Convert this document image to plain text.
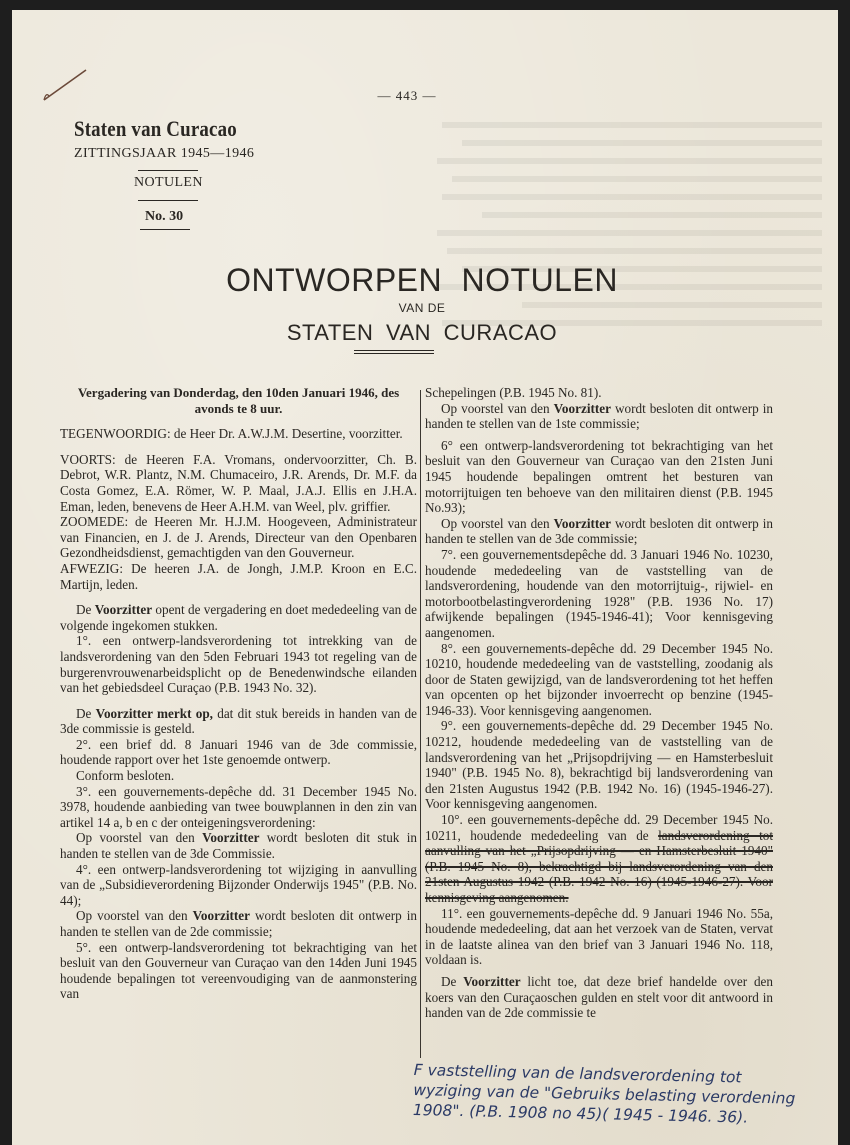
— 443 —
Staten van Curacao
ZITTINGSJAAR 1945—1946
NOTULEN
No. 30
ONTWORPEN NOTULEN
VAN DE
STATEN VAN CURACAO

Vergadering van Donderdag, den 10den Januari 1946, des avonds te 8 uur.

TEGENWOORDIG: de Heer Dr. A.W.J.M. Desertine, voorzitter.

VOORTS: de Heeren F.A. Vromans, ondervoorzitter, Ch. B. Debrot, W.R. Plantz, N.M. Chumaceiro, J.R. Arends, Dr. M.F. da Costa Gomez, E.A. Römer, W. P. Maal, J.A.J. Ellis en J.H.A. Eman, leden, benevens de Heer A.H.M. van Weel, plv. griffier.

ZOOMEDE: de Heeren Mr. H.J.M. Hoogeveen, Administrateur van Financien, en J. de J. Arends, Directeur van den Openbaren Gezondheidsdienst, gemachtigden van den Gouverneur.

AFWEZIG: De heeren J.A. de Jongh, J.M.P. Kroon en E.C. Martijn, leden.

De Voorzitter opent de vergadering en doet mededeeling van de volgende ingekomen stukken.

1°. een ontwerp-landsverordening tot intrekking van de landsverordening van den 5den Februari 1943 tot regeling van de burgerenvrouwenarbeidsplicht op de Benedenwindsche eilanden van het gebiedsdeel Curaçao (P.B. 1943 No. 32).

De Voorzitter merkt op, dat dit stuk bereids in handen van de 3de commissie is gesteld.

2°. een brief dd. 8 Januari 1946 van de 3de commissie, houdende rapport over het 1ste genoemde ontwerp.

Conform besloten.

3°. een gouvernements-depêche dd. 31 December 1945 No. 3978, houdende aanbieding van twee bouwplannen in den zin van artikel 14 a, b en c der onteigeningsverordening:

Op voorstel van den Voorzitter wordt besloten dit stuk in handen te stellen van de 3de Commissie.

4°. een ontwerp-landsverordening tot wijziging in aanvulling van de „Subsidieverordening Bijzonder Onderwijs 1945" (P.B. No. 44);

Op voorstel van den Voorzitter wordt besloten dit ontwerp in handen te stellen van de 2de commissie;

5°. een ontwerp-landsverordening tot bekrachtiging van het besluit van den Gouverneur van Curaçao van den 14den Juni 1945 houdende bepalingen tot vereenvoudiging van de aanmonstering van

Schepelingen (P.B. 1945 No. 81).

Op voorstel van den Voorzitter wordt besloten dit ontwerp in handen te stellen van de 1ste commissie;

6° een ontwerp-landsverordening tot bekrachtiging van het besluit van den Gouverneur van Curaçao van den 21sten Juni 1945 houdende bepalingen omtrent het besturen van motorrijtuigen ten behoeve van den militairen dienst (P.B. 1945 No.93);

Op voorstel van den Voorzitter wordt besloten dit ontwerp in handen te stellen van de 3de commissie;

7°. een gouvernementsdepêche dd. 3 Januari 1946 No. 10230, houdende mededeeling van de vaststelling van de landsverordening, houdende van den motorrijtuig-, rijwiel- en motorbootbelastingverordening 1928" (P.B. 1936 No. 17) afwijkende bepalingen (1945-1946-41); Voor kennisgeving aangenomen.

8°. een gouvernements-depêche dd. 29 December 1945 No. 10210, houdende mededeeling van de vaststelling, zoodanig als door de Staten gewijzigd, van de landsverordening tot het heffen van opcenten op het bijzonder invoerrecht op benzine (1945-1946-33). Voor kennisgeving aangenomen.

9°. een gouvernements-depêche dd. 29 December 1945 No. 10212, houdende mededeeling van de vaststelling van de landsverordening van het „Prijsopdrijving — en Hamsterbesluit 1940" (P.B. 1945 No. 8), bekrachtigd bij landsverordening van den 21sten Augustus 1942 (P.B. 1942 No. 16) (1945-1946-27). Voor kennisgeving aangenomen.

10°. een gouvernements-depêche dd. 29 December 1945 No. 10211, houdende mededeeling van de landsverordening tot aanvulling van het „Prijsopdrijving — en Hamsterbesluit 1940" (P.B. 1945 No. 8), bekrachtigd bij landsverordening van den 21sten Augustus 1942 (P.B. 1942 No. 16) (1945-1946-27). Voor kennisgeving aangenomen.

11°. een gouvernements-depêche dd. 9 Januari 1946 No. 55a, houdende mededeeling, dat aan het verzoek van de Staten, vervat in de laatste alinea van den brief van 3 Januari 1946 No. 118, voldaan is.

De Voorzitter licht toe, dat deze brief handelde over den koers van den Curaçaoschen gulden en stelt voor dit antwoord in handen van de 2de commissie te

F vaststelling van de landsverordening tot wyziging van de "Gebruiks belasting verordening 1908". (P.B. 1908 no 45)( 1945 - 1946. 36).
